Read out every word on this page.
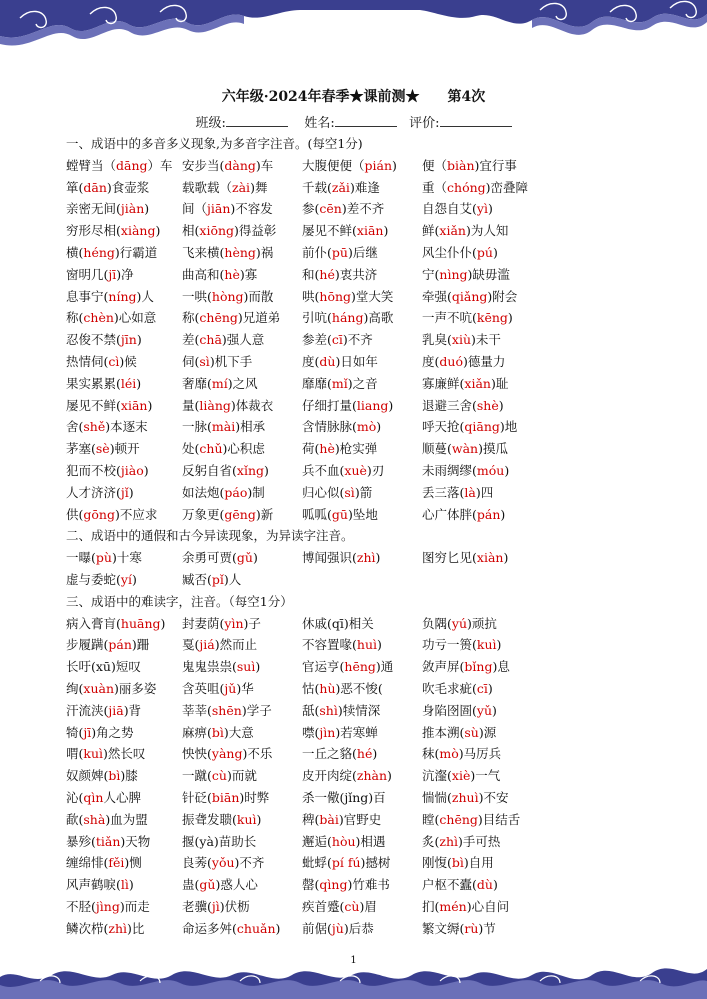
六年级·2024年春季★课前测★ 第4次
班级:	姓名:	评价:
一、成语中的多音多义现象,为多音字注音。(每空1分)
螳臂当（dāng）车 安步当(dàng)车 大腹便便（pián) 便（biàn)宜行事
箪(dān)食壶浆	载歌载（zài)舞	千载(zǎi)难逢	重（chóng)峦叠障
亲密无间(jiàn)	间（jiān)不容发 参(cēn)差不齐	自怨自艾(yì)
穷形尽相(xiàng) 相(xiōng)得益彰 屡见不鲜(xiān)	鲜(xiǎn)为人知
横(héng)行霸道 飞来横(hèng)祸 前仆(pū)后继	风尘仆仆(pú)
窗明几(jī)净	曲高和(hè)寡	和(hé)衷共济	宁(nìng)缺毋滥
息事宁(níng)人 一哄(hòng)而散 哄(hōng)堂大笑 牵强(qiǎng)附会
称(chèn)心如意 称(chēng)兄道弟 引吭(háng)高歌 一声不吭(kēng)
忍俊不禁(jīn)	差(chā)强人意	参差(cī)不齐	乳臭(xiù)未干
热情伺(cì)候	伺(sì)机下手	度(dù)日如年	度(duó)德量力
果实累累(léi)	奢靡(mí)之风	靡靡(mǐ)之音	寡廉鲜(xiǎn)耻
屡见不鲜(xiān) 量(liàng)体裁衣 仔细打量(liang) 退避三舍(shè)
舍(shě)本逐末	一脉(mài)相承	含情脉脉(mò)	呼天抢(qiāng)地
茅塞(sè)顿开	处(chǔ)心积虑	荷(hè)枪实弹	顺蔓(wàn)摸瓜
犯而不校(jiào)	反躬自省(xǐng)	兵不血(xuè)刃	未雨绸缪(móu)
人才济济(jǐ)	如法炮(páo)制	归心似(sì)箭	丢三落(là)四
供(gōng)不应求 万象更(gēng)新 呱呱(gū)坠地	心广体胖(pán)
二、成语中的通假和古今异读现象，为异读字注音。
一曝(pù)十寒	余勇可贾(gǔ)	博闻强识(zhì)	图穷匕见(xiàn)
虚与委蛇(yí)	臧否(pǐ)人
三、成语中的难读字，注音。（每空1分）
病入膏肓(huāng) 封妻荫(yìn)子	休戚(qī)相关	负隅(yú)顽抗
步履蹒(pán)跚	戛(jiá)然而止	不容置喙(huì)	功亏一篑(kuì)
长吁(xū)短叹	鬼鬼祟祟(suì)	官运亨(hēng)通 敛声屏(bǐng)息
绚(xuàn)丽多姿 含英咀(jǔ)华	怙(hù)恶不悛(	吹毛求疵(cī)
汗流浃(jiā)背	莘莘(shēn)学子 舐(shì)犊情深	身陷囹圄(yǔ)
犄(jī)角之势	麻痹(bì)大意	噤(jìn)若寒蝉	推本溯(sù)源
喟(kuì)然长叹	怏怏(yàng)不乐 一丘之貉(hé)	秣(mò)马厉兵
奴颜婢(bì)膝	一蹴(cù)而就	皮开肉绽(zhàn) 沆瀣(xiè)一气
沁(qìn人心脾	针砭(biān)时弊	杀一儆(jǐng)百	惴惴(zhuì)不安
歃(shà)血为盟	振聋发聩(kuì)	稗(bài)官野史	瞠(chēng)目结舌
暴殄(tiǎn)天物	揠(yà)苗助长	邂逅(hòu)相遇	炙(zhì)手可热
缠绵悱(fěi)恻	良莠(yǒu)不齐	蚍蜉(pí fú)撼树	刚愎(bì)自用
风声鹤唳(lì)	蛊(gǔ)惑人心	罄(qìng)竹难书	户枢不蠹(dù)
不胫(jìng)而走	老骥(jì)伏枥	疾首蹙(cù)眉	扪(mén)心自问
鳞次栉(zhì)比	命运多舛(chuǎn) 前倨(jù)后恭	繁文缛(rù)节
1
